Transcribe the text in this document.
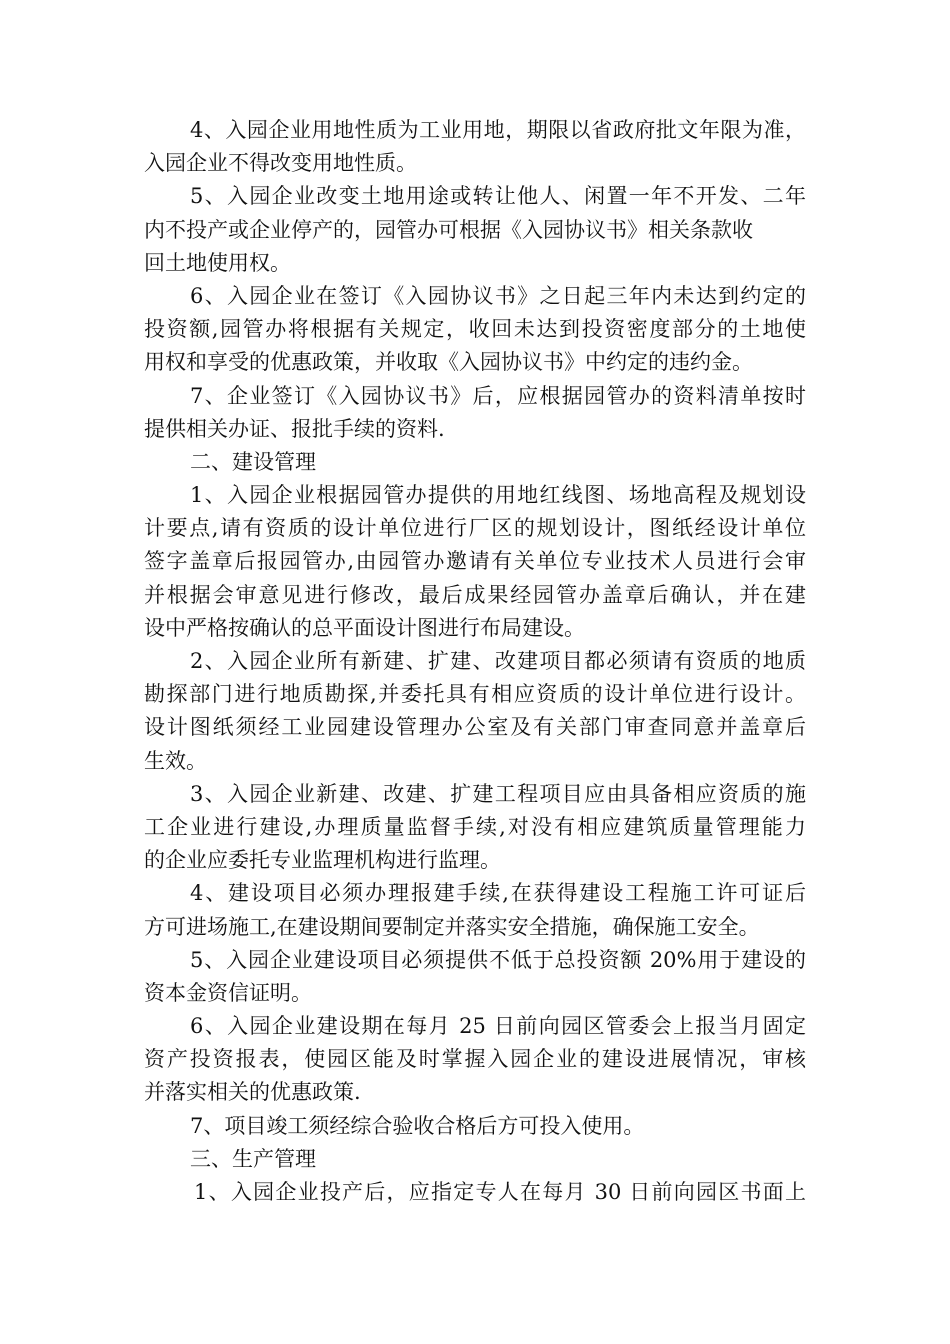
4、入园企业用地性质为工业用地，期限以省政府批文年限为准，
入园企业不得改变用地性质。
5、入园企业改变土地用途或转让他人、闲置一年不开发、二年
内不投产或企业停产的，园管办可根据《入园协议书》相关条款收
回土地使用权。
6、入园企业在签订《入园协议书》之日起三年内未达到约定的
投资额,园管办将根据有关规定，收回未达到投资密度部分的土地使
用权和享受的优惠政策，并收取《入园协议书》中约定的违约金。
7、企业签订《入园协议书》后，应根据园管办的资料清单按时
提供相关办证、报批手续的资料.
二、建设管理
1、入园企业根据园管办提供的用地红线图、场地高程及规划设
计要点,请有资质的设计单位进行厂区的规划设计，图纸经设计单位
签字盖章后报园管办,由园管办邀请有关单位专业技术人员进行会审
并根据会审意见进行修改，最后成果经园管办盖章后确认，并在建
设中严格按确认的总平面设计图进行布局建设。
2、入园企业所有新建、扩建、改建项目都必须请有资质的地质
勘探部门进行地质勘探,并委托具有相应资质的设计单位进行设计。
设计图纸须经工业园建设管理办公室及有关部门审查同意并盖章后
生效。
3、入园企业新建、改建、扩建工程项目应由具备相应资质的施
工企业进行建设,办理质量监督手续,对没有相应建筑质量管理能力
的企业应委托专业监理机构进行监理。
4、建设项目必须办理报建手续,在获得建设工程施工许可证后
方可进场施工,在建设期间要制定并落实安全措施，确保施工安全。
5、入园企业建设项目必须提供不低于总投资额 20%用于建设的
资本金资信证明。
6、入园企业建设期在每月 25 日前向园区管委会上报当月固定
资产投资报表，使园区能及时掌握入园企业的建设进展情况，审核
并落实相关的优惠政策.
7、项目竣工须经综合验收合格后方可投入使用。
三、生产管理
1、入园企业投产后，应指定专人在每月 30 日前向园区书面上
